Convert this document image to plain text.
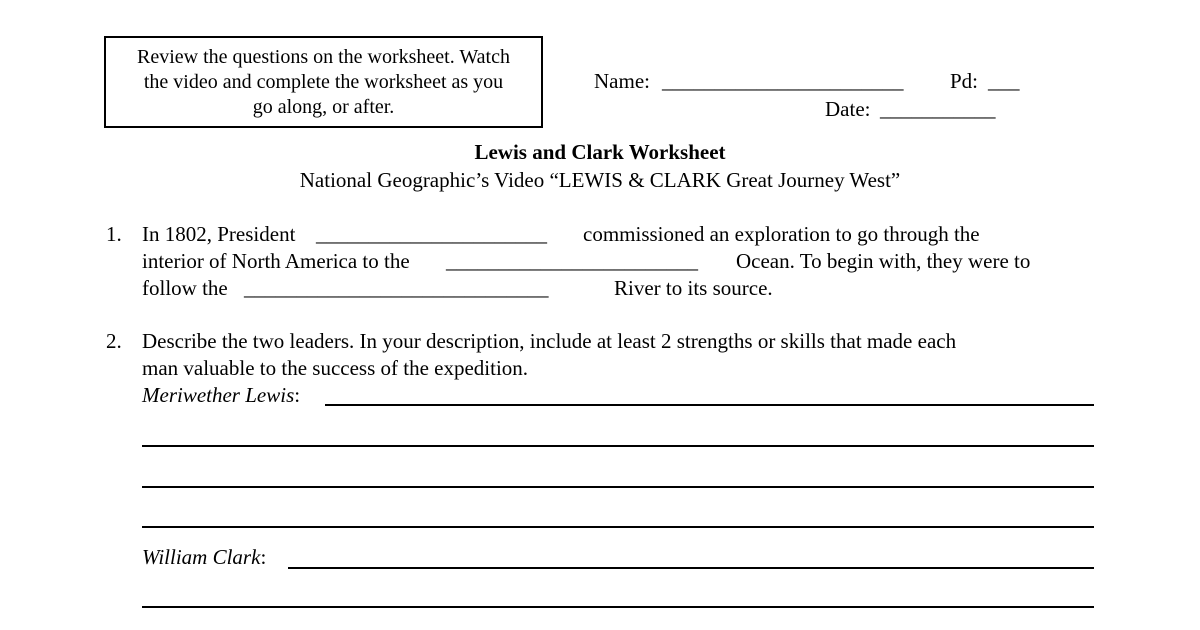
Review the questions on the worksheet. Watch
the video and complete the worksheet as you
go along, or after.
Name: _______________________ Pd: ___
Date: ___________
Lewis and Clark Worksheet
National Geographic’s Video “LEWIS & CLARK Great Journey West”
1. In 1802, President ______________________ commissioned an exploration to go through the
interior of North America to the ________________________ Ocean. To begin with, they were to
follow the _____________________________	River to its source.
2. Describe the two leaders. In your description, include at least 2 strengths or skills that made each
man valuable to the success of the expedition.
Meriwether Lewis:
William Clark:
